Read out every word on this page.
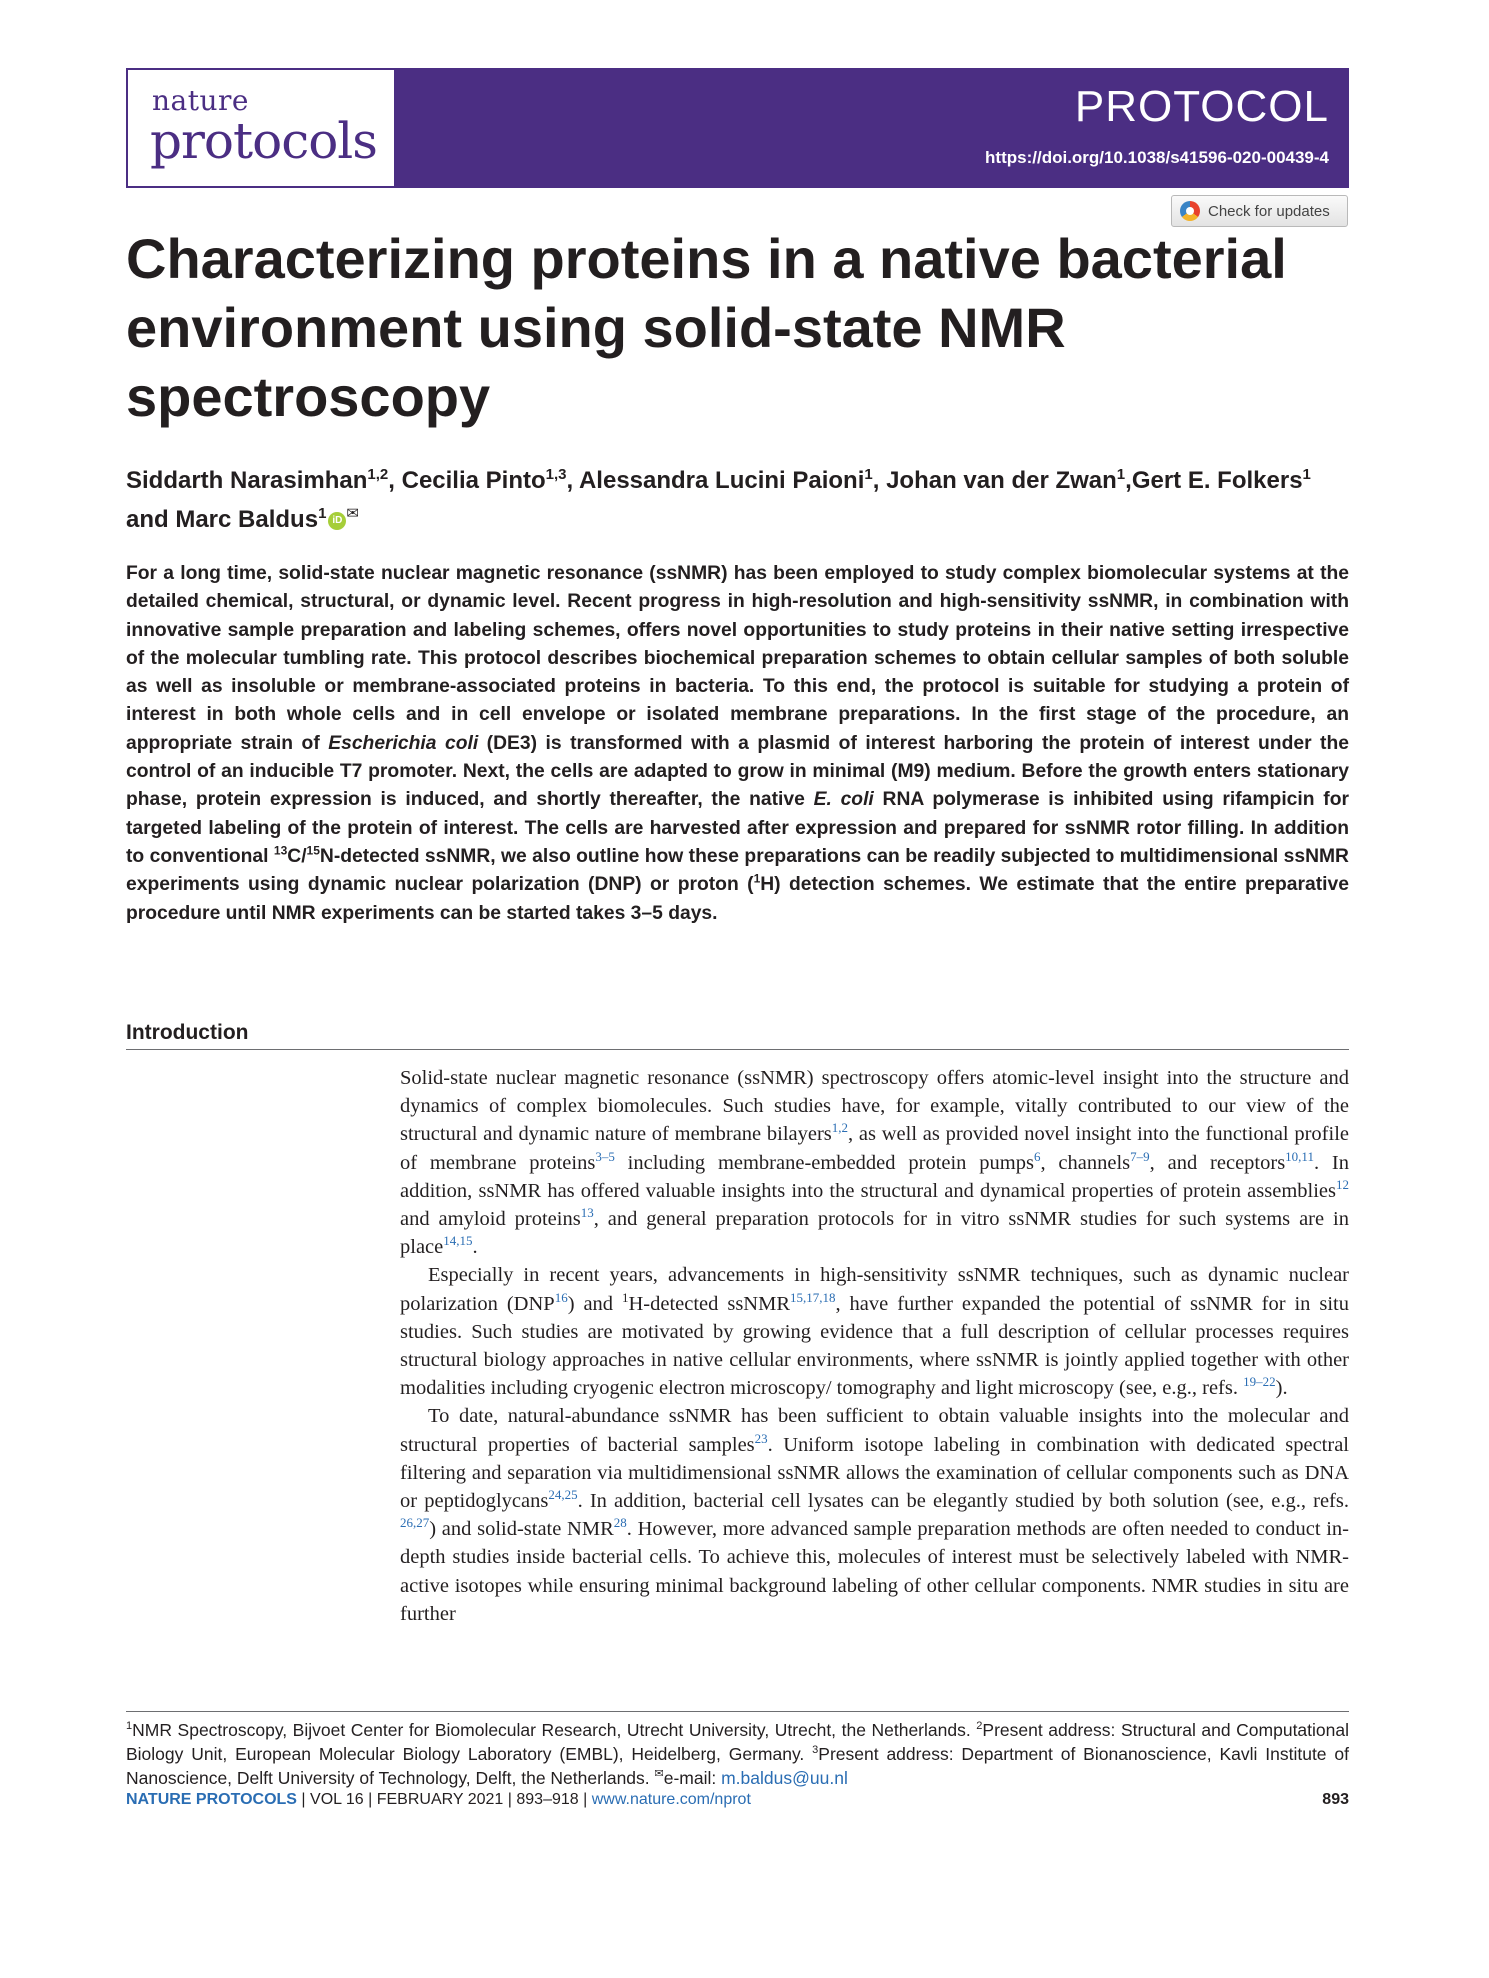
nature
protocols
PROTOCOL
https://doi.org/10.1038/s41596-020-00439-4
Check for updates
Characterizing proteins in a native bacterial environment using solid-state NMR spectroscopy
Siddarth Narasimhan$^{1,2}$, Cecilia Pinto$^{1,3}$, Alessandra Lucini Paioni$^1$, Johan van der Zwan$^1$,Gert E. Folkers$^1$ and Marc Baldus$^1$ iD ✉

For a long time, solid-state nuclear magnetic resonance (ssNMR) has been employed to study complex biomolecular systems at the detailed chemical, structural, or dynamic level. Recent progress in high-resolution and high-sensitivity ssNMR, in combination with innovative sample preparation and labeling schemes, offers novel opportunities to study proteins in their native setting irrespective of the molecular tumbling rate. This protocol describes biochemical preparation schemes to obtain cellular samples of both soluble as well as insoluble or membrane-associated proteins in bacteria. To this end, the protocol is suitable for studying a protein of interest in both whole cells and in cell envelope or isolated membrane preparations. In the first stage of the procedure, an appropriate strain of Escherichia coli (DE3) is transformed with a plasmid of interest harboring the protein of interest under the control of an inducible T7 promoter. Next, the cells are adapted to grow in minimal (M9) medium. Before the growth enters stationary phase, protein expression is induced, and shortly thereafter, the native E. coli RNA polymerase is inhibited using rifampicin for targeted labeling of the protein of interest. The cells are harvested after expression and prepared for ssNMR rotor filling. In addition to conventional $^{13}$C/$^{15}$N-detected ssNMR, we also outline how these preparations can be readily subjected to multidimensional ssNMR experiments using dynamic nuclear polarization (DNP) or proton ($^1$H) detection schemes. We estimate that the entire preparative procedure until NMR experiments can be started takes 3–5 days.

Introduction

Solid-state nuclear magnetic resonance (ssNMR) spectroscopy offers atomic-level insight into the structure and dynamics of complex biomolecules. Such studies have, for example, vitally contributed to our view of the structural and dynamic nature of membrane bilayers$^{1,2}$, as well as provided novel insight into the functional profile of membrane proteins$^{3-5}$ including membrane-embedded protein pumps$^6$, channels$^{7-9}$, and receptors$^{10,11}$. In addition, ssNMR has offered valuable insights into the structural and dynamical properties of protein assemblies$^{12}$ and amyloid proteins$^{13}$, and general preparation protocols for in vitro ssNMR studies for such systems are in place$^{14,15}$.

Especially in recent years, advancements in high-sensitivity ssNMR techniques, such as dynamic nuclear polarization (DNP$^{16}$) and $^1$H-detected ssNMR$^{15,17,18}$, have further expanded the potential of ssNMR for in situ studies. Such studies are motivated by growing evidence that a full description of cellular processes requires structural biology approaches in native cellular environments, where ssNMR is jointly applied together with other modalities including cryogenic electron microscopy/ tomography and light microscopy (see, e.g., refs. $^{19-22}$).

To date, natural-abundance ssNMR has been sufficient to obtain valuable insights into the molecular and structural properties of bacterial samples$^{23}$. Uniform isotope labeling in combination with dedicated spectral filtering and separation via multidimensional ssNMR allows the examination of cellular components such as DNA or peptidoglycans$^{24,25}$. In addition, bacterial cell lysates can be elegantly studied by both solution (see, e.g., refs. $^{26,27}$) and solid-state NMR$^{28}$. However, more advanced sample preparation methods are often needed to conduct in-depth studies inside bacterial cells. To achieve this, molecules of interest must be selectively labeled with NMR-active isotopes while ensuring minimal background labeling of other cellular components. NMR studies in situ are further

$^1$NMR Spectroscopy, Bijvoet Center for Biomolecular Research, Utrecht University, Utrecht, the Netherlands. $^2$Present address: Structural and Computational Biology Unit, European Molecular Biology Laboratory (EMBL), Heidelberg, Germany. $^3$Present address: Department of Bionanoscience, Kavli Institute of Nanoscience, Delft University of Technology, Delft, the Netherlands. ✉e-mail: m.baldus@uu.nl

NATURE PROTOCOLS | VOL 16 | FEBRUARY 2021 | 893–918 | www.nature.com/nprot	893
